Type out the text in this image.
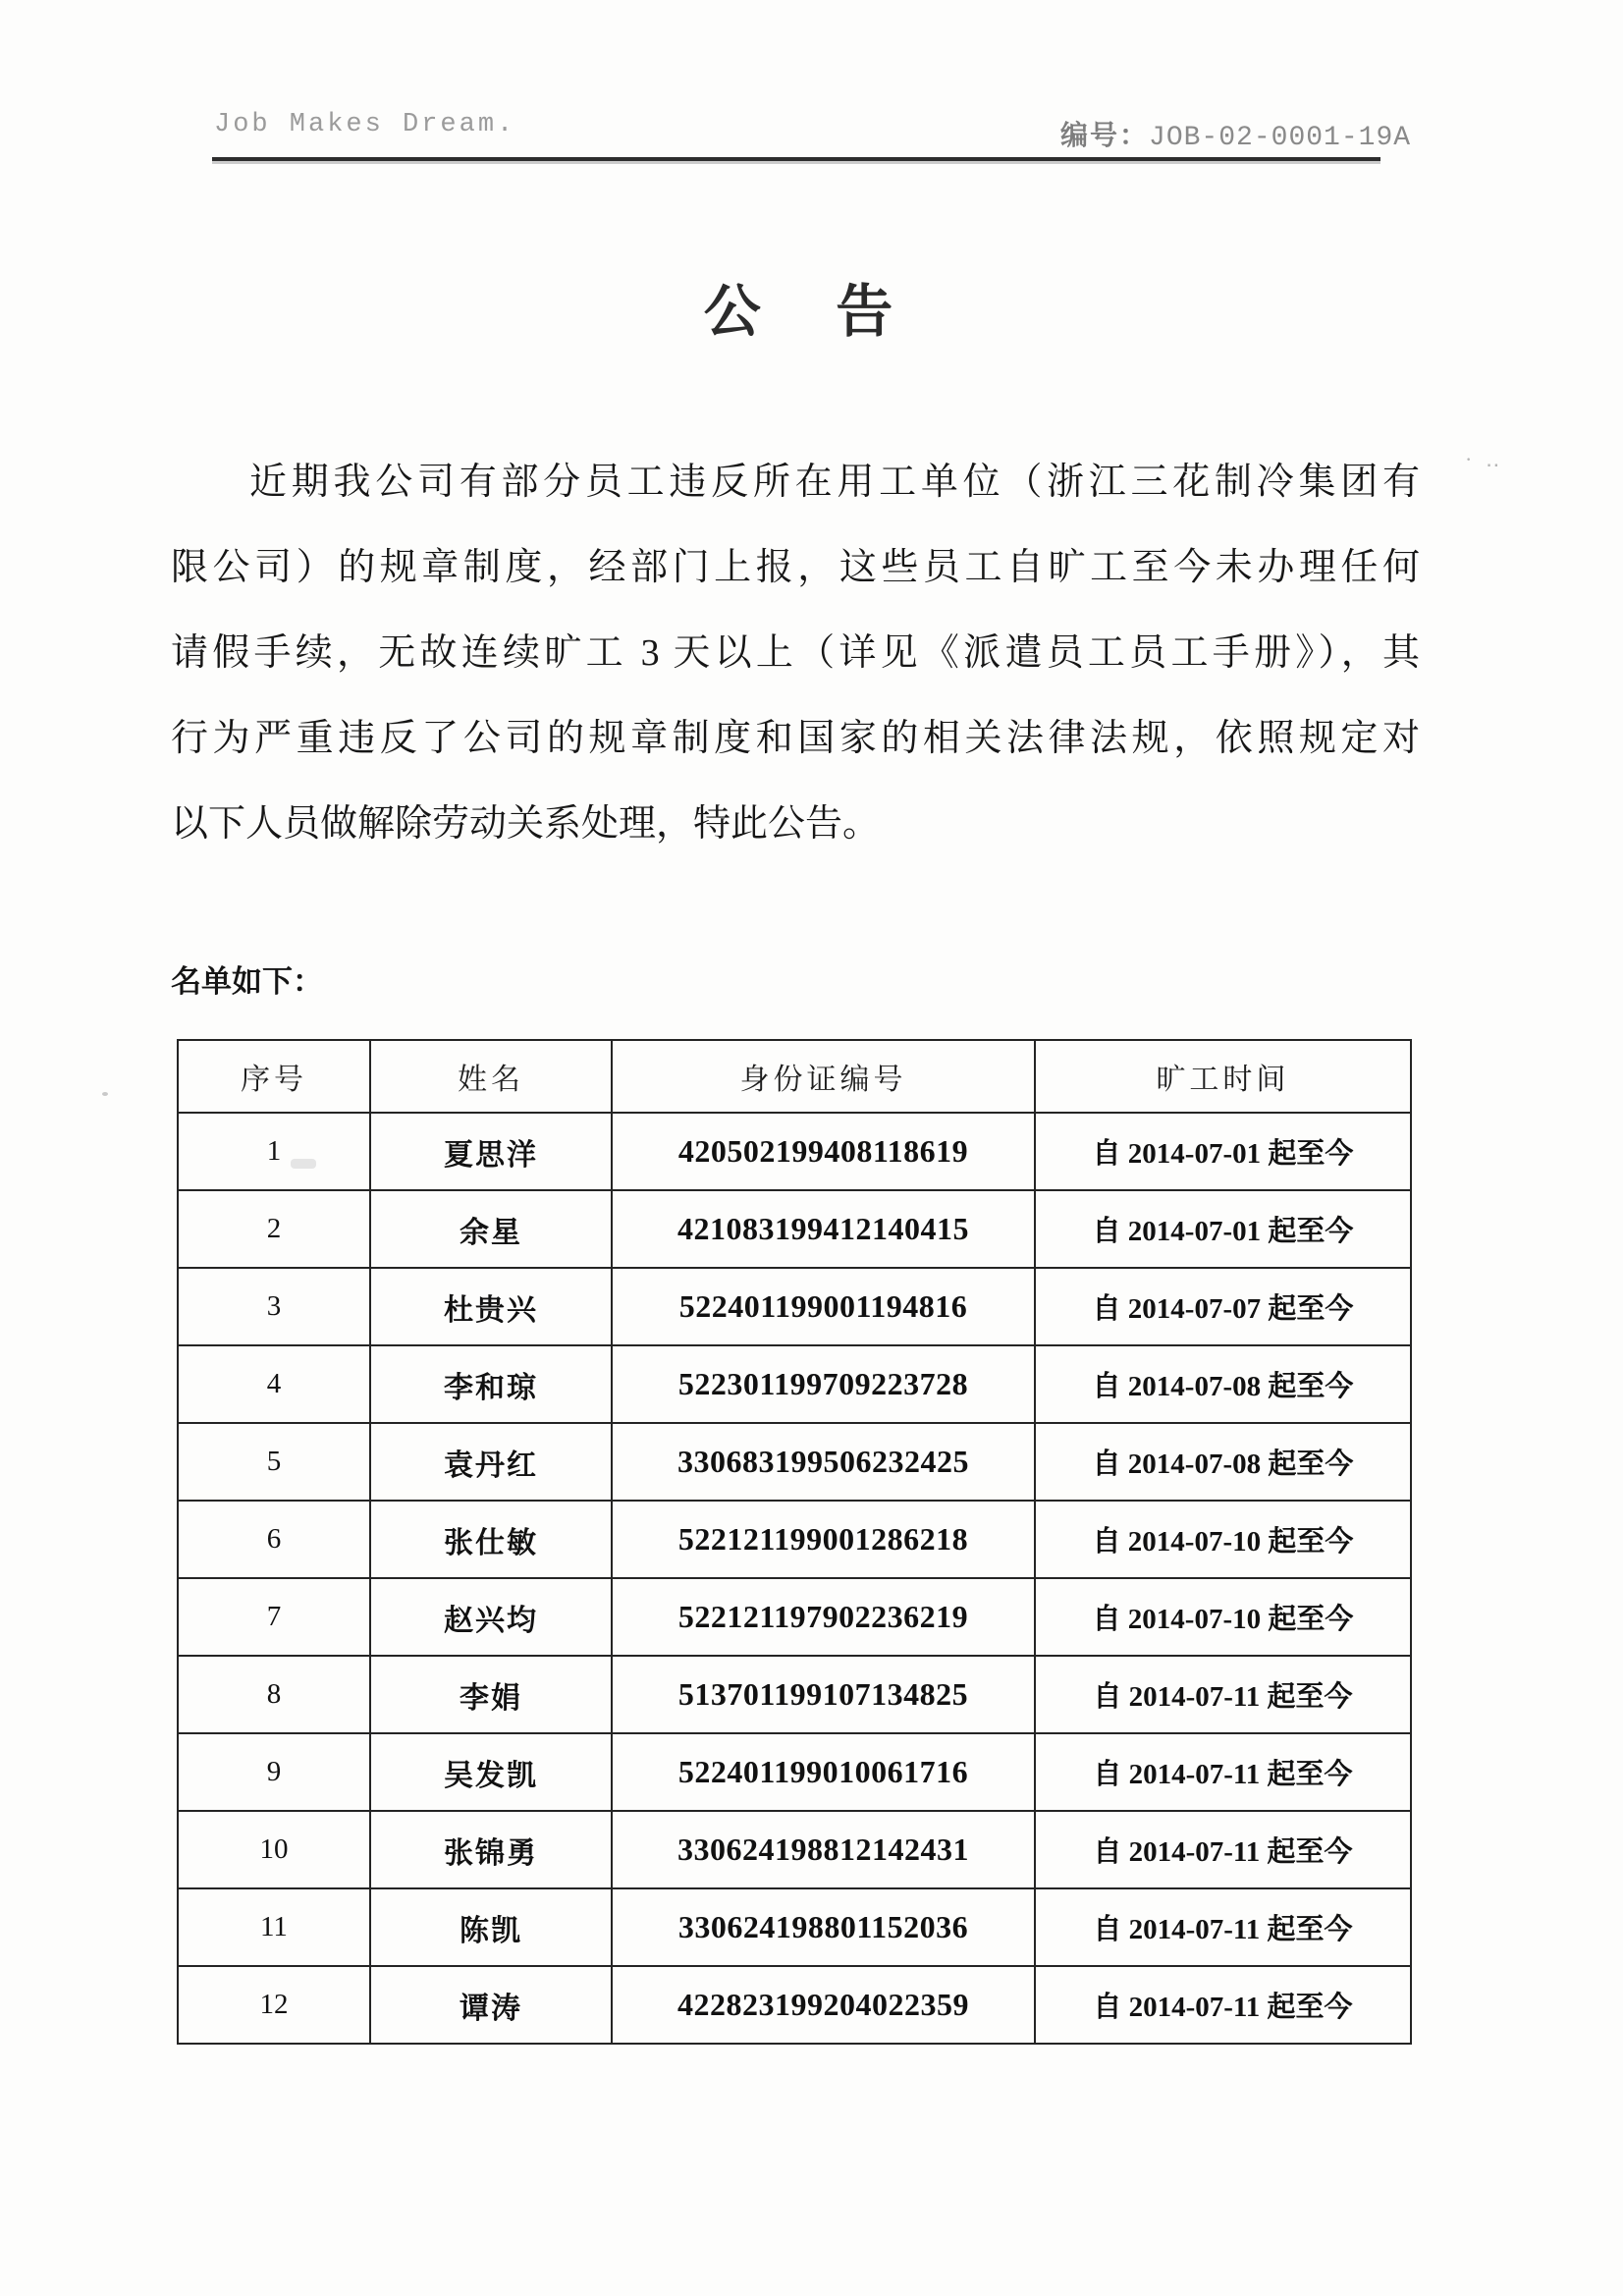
Job Makes Dream.	编号：JOB-02-0001-19A
公 告
近期我公司有部分员工违反所在用工单位（浙江三花制冷集团有
限公司）的规章制度，经部门上报，这些员工自旷工至今未办理任何
请假手续，无故连续旷工 3 天以上（详见《派遣员工员工手册》），其
行为严重违反了公司的规章制度和国家的相关法律法规，依照规定对
以下人员做解除劳动关系处理，特此公告。
名单如下：
序号	姓名	身份证编号	旷工时间
1	夏思洋	420502199408118619	自 2014-07-01 起至今
2	余星	421083199412140415	自 2014-07-01 起至今
3	杜贵兴	522401199001194816	自 2014-07-07 起至今
4	李和琼	522301199709223728	自 2014-07-08 起至今
5	袁丹红	330683199506232425	自 2014-07-08 起至今
6	张仕敏	522121199001286218	自 2014-07-10 起至今
7	赵兴均	522121197902236219	自 2014-07-10 起至今
8	李娟	513701199107134825	自 2014-07-11 起至今
9	吴发凯	522401199010061716	自 2014-07-11 起至今
10	张锦勇	330624198812142431	自 2014-07-11 起至今
11	陈凯	330624198801152036	自 2014-07-11 起至今
12	谭涛	422823199204022359	自 2014-07-11 起至今
· ‥
